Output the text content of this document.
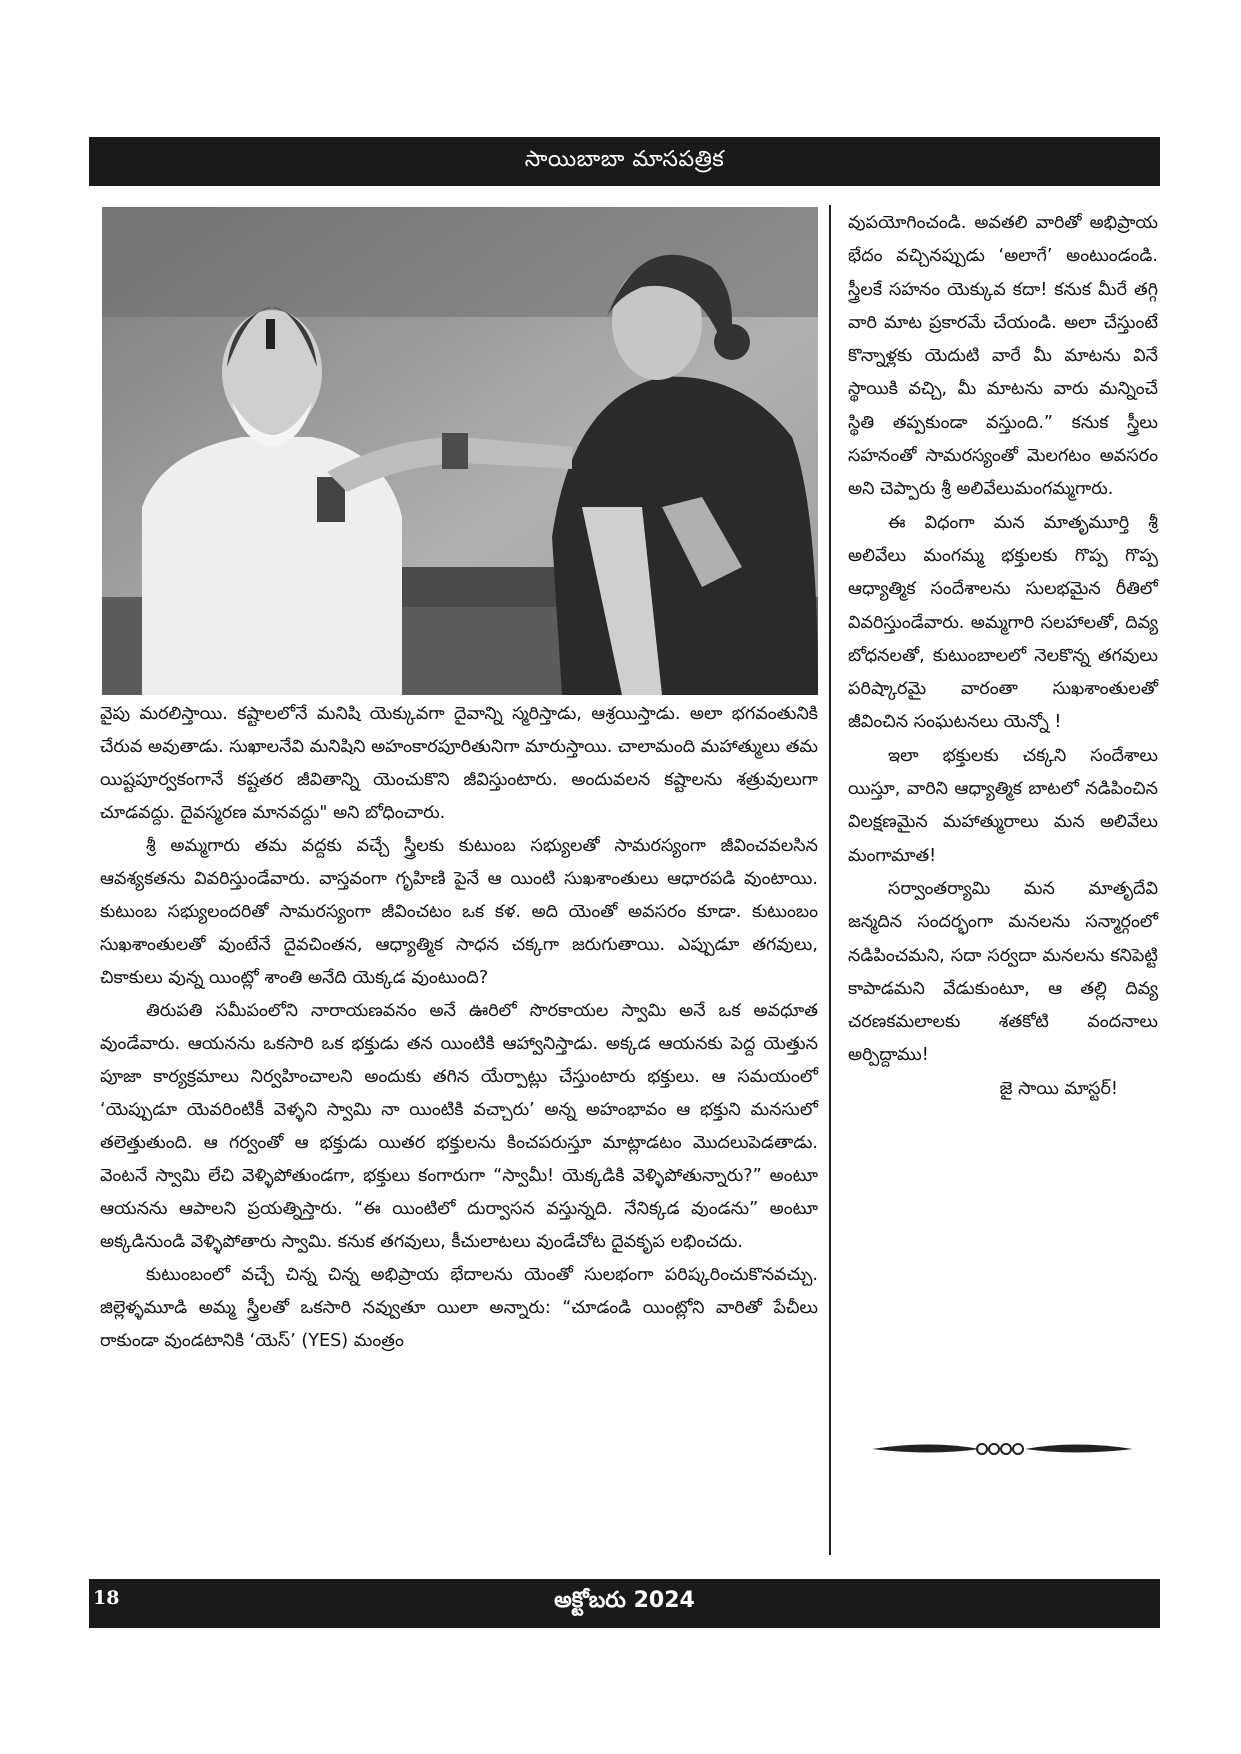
సాయిబాబా మాసపత్రిక

వైపు మరలిస్తాయి. కష్టాలలోనే మనిషి యెక్కువగా దైవాన్ని స్మరిస్తాడు, ఆశ్రయిస్తాడు. అలా భగవంతునికి చేరువ అవుతాడు. సుఖాలనేవి మనిషిని అహంకారపూరితునిగా మారుస్తాయి. చాలామంది మహాత్ములు తమ యిష్టపూర్వకంగానే కష్టతర జీవితాన్ని యెంచుకొని జీవిస్తుంటారు. అందువలన కష్టాలను శత్రువులుగా చూడవద్దు. దైవస్మరణ మానవద్దు" అని బోధించారు.

శ్రీ అమ్మగారు తమ వద్దకు వచ్చే స్త్రీలకు కుటుంబ సభ్యులతో సామరస్యంగా జీవించవలసిన ఆవశ్యకతను వివరిస్తుండేవారు. వాస్తవంగా గృహిణి పైనే ఆ యింటి సుఖశాంతులు ఆధారపడి వుంటాయి. కుటుంబ సభ్యులందరితో సామరస్యంగా జీవించటం ఒక కళ. అది యెంతో అవసరం కూడా. కుటుంబం సుఖశాంతులతో వుంటేనే దైవచింతన, ఆధ్యాత్మిక సాధన చక్కగా జరుగుతాయి. ఎప్పుడూ తగవులు, చికాకులు వున్న యింట్లో శాంతి అనేది యెక్కడ వుంటుంది?

తిరుపతి సమీపంలోని నారాయణవనం అనే ఊరిలో సొరకాయల స్వామి అనే ఒక అవధూత వుండేవారు. ఆయనను ఒకసారి ఒక భక్తుడు తన యింటికి ఆహ్వానిస్తాడు. అక్కడ ఆయనకు పెద్ద యెత్తున పూజా కార్యక్రమాలు నిర్వహించాలని అందుకు తగిన యేర్పాట్లు చేస్తుంటారు భక్తులు. ఆ సమయంలో ‘యెప్పుడూ యెవరింటికీ వెళ్ళని స్వామి నా యింటికి వచ్చారు’ అన్న అహంభావం ఆ భక్తుని మనసులో తలెత్తుతుంది. ఆ గర్వంతో ఆ భక్తుడు యితర భక్తులను కించపరుస్తూ మాట్లాడటం మొదలుపెడతాడు. వెంటనే స్వామి లేచి వెళ్ళిపోతుండగా, భక్తులు కంగారుగా “స్వామీ! యెక్కడికి వెళ్ళిపోతున్నారు?” అంటూ ఆయనను ఆపాలని ప్రయత్నిస్తారు. “ఈ యింటిలో దుర్వాసన వస్తున్నది. నేనిక్కడ వుండను” అంటూ అక్కడినుండి వెళ్ళిపోతారు స్వామి. కనుక తగవులు, కీచులాటలు వుండేచోట దైవకృప లభించదు.

కుటుంబంలో వచ్చే చిన్న చిన్న అభిప్రాయ భేదాలను యెంతో సులభంగా పరిష్కరించుకొనవచ్చు. జిల్లెళ్ళమూడి అమ్మ స్త్రీలతో ఒకసారి నవ్వుతూ యిలా అన్నారు: “చూడండి యింట్లోని వారితో పేచీలు రాకుండా వుండటానికి ‘యెస్’ (YES) మంత్రం

వుపయోగించండి. అవతలి వారితో అభిప్రాయ భేదం వచ్చినప్పుడు ‘అలాగే’ అంటుండండి. స్త్రీలకే సహనం యెక్కువ కదా! కనుక మీరే తగ్గి వారి మాట ప్రకారమే చేయండి. అలా చేస్తుంటే కొన్నాళ్లకు యెదుటి వారే మీ మాటను వినే స్థాయికి వచ్చి, మీ మాటను వారు మన్నించే స్థితి తప్పకుండా వస్తుంది.” కనుక స్త్రీలు సహనంతో సామరస్యంతో మెలగటం అవసరం అని చెప్పారు శ్రీ అలివేలుమంగమ్మగారు.

ఈ విధంగా మన మాతృమూర్తి శ్రీ అలివేలు మంగమ్మ భక్తులకు గొప్ప గొప్ప ఆధ్యాత్మిక సందేశాలను సులభమైన రీతిలో వివరిస్తుండేవారు. అమ్మగారి సలహాలతో, దివ్య బోధనలతో, కుటుంబాలలో నెలకొన్న తగవులు పరిష్కారమై వారంతా సుఖశాంతులతో జీవించిన సంఘటనలు యెన్నో !

ఇలా భక్తులకు చక్కని సందేశాలు యిస్తూ, వారిని ఆధ్యాత్మిక బాటలో నడిపించిన విలక్షణమైన మహాత్మురాలు మన అలివేలు మంగామాత!

సర్వాంతర్యామి మన మాతృదేవి జన్మదిన సందర్భంగా మనలను సన్మార్గంలో నడిపించమని, సదా సర్వదా మనలను కనిపెట్టి కాపాడమని వేడుకుంటూ, ఆ తల్లి దివ్య చరణకమలాలకు శతకోటి వందనాలు అర్పిద్దాము!

జై సాయి మాస్టర్!

18	అక్టోబరు 2024
